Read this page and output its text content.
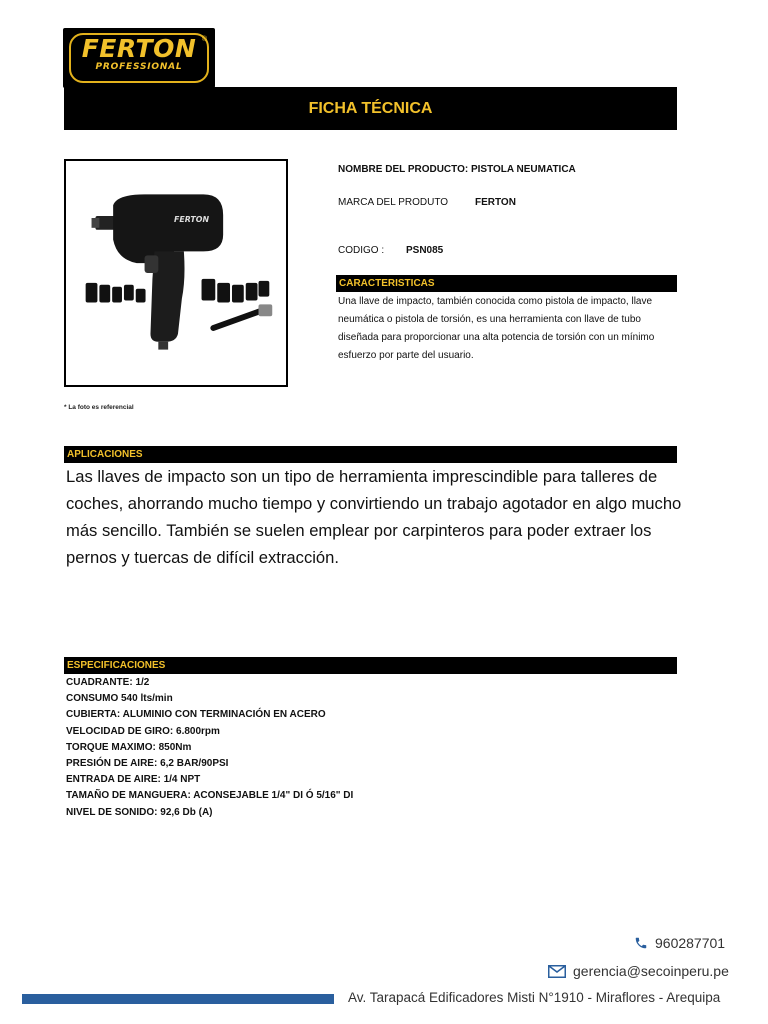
FERTON
PROFESSIONAL
®
FICHA TÉCNICA
FERTON
* La foto es referencial
NOMBRE DEL PRODUCTO: PISTOLA NEUMATICA
MARCA DEL PRODUTO	FERTON
CODIGO : PSN085
CARACTERISTICAS
Una llave de impacto, también conocida como pistola de impacto, llave neumática o pistola de torsión, es una herramienta con llave de tubo diseñada para proporcionar una alta potencia de torsión con un mínimo esfuerzo por parte del usuario.
APLICACIONES
Las llaves de impacto son un tipo de herramienta imprescindible para talleres de coches, ahorrando mucho tiempo y convirtiendo un trabajo agotador en algo mucho más sencillo. También se suelen emplear por carpinteros para poder extraer los pernos y tuercas de difícil extracción.
ESPECIFICACIONES
CUADRANTE: 1/2
CONSUMO 540 lts/min
CUBIERTA: ALUMINIO CON TERMINACIÓN EN ACERO
VELOCIDAD DE GIRO: 6.800rpm
TORQUE MAXIMO: 850Nm
PRESIÓN DE AIRE: 6,2 BAR/90PSI
ENTRADA DE AIRE: 1/4 NPT
TAMAÑO DE MANGUERA: ACONSEJABLE 1/4" DI Ó 5/16" DI
NIVEL DE SONIDO: 92,6 Db (A)
960287701
gerencia@secoinperu.pe
Av. Tarapacá Edificadores Misti N°1910 - Miraflores - Arequipa
